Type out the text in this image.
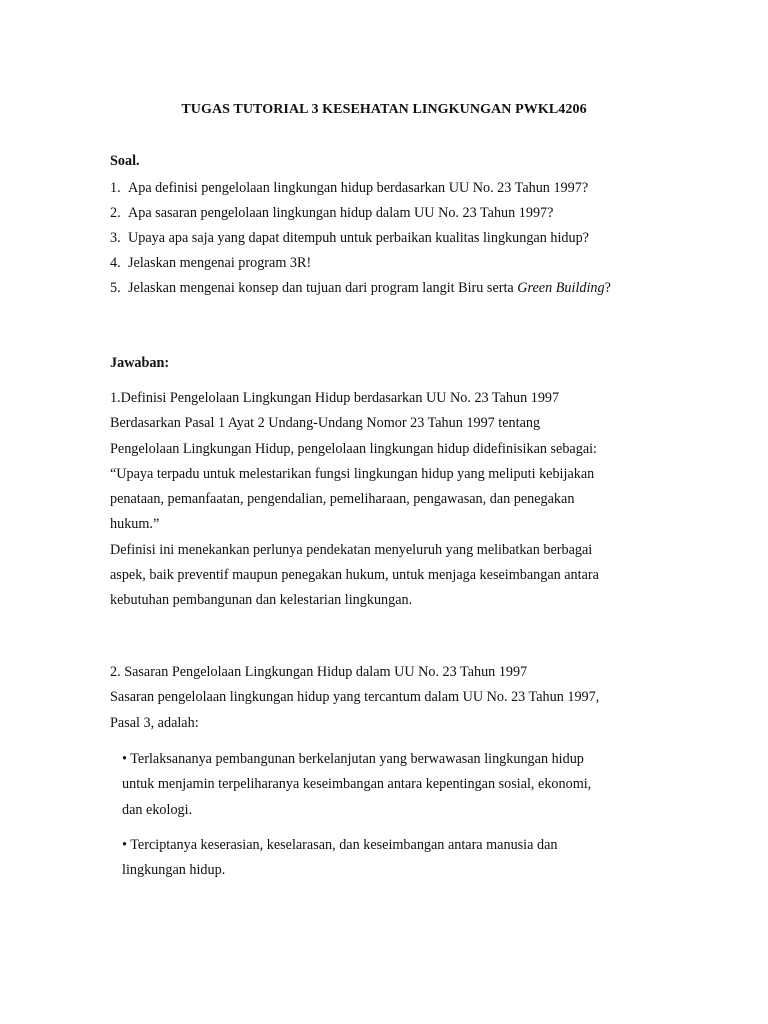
TUGAS TUTORIAL 3 KESEHATAN LINGKUNGAN PWKL4206
Soal.
1. Apa definisi pengelolaan lingkungan hidup berdasarkan UU No. 23 Tahun 1997?
2. Apa sasaran pengelolaan lingkungan hidup dalam UU No. 23 Tahun 1997?
3. Upaya apa saja yang dapat ditempuh untuk perbaikan kualitas lingkungan hidup?
4. Jelaskan mengenai program 3R!
5. Jelaskan mengenai konsep dan tujuan dari program langit Biru serta Green Building?
Jawaban:
1.Definisi Pengelolaan Lingkungan Hidup berdasarkan UU No. 23 Tahun 1997
Berdasarkan Pasal 1 Ayat 2 Undang-Undang Nomor 23 Tahun 1997 tentang
Pengelolaan Lingkungan Hidup, pengelolaan lingkungan hidup didefinisikan sebagai:
“Upaya terpadu untuk melestarikan fungsi lingkungan hidup yang meliputi kebijakan
penataan, pemanfaatan, pengendalian, pemeliharaan, pengawasan, dan penegakan
hukum.”
Definisi ini menekankan perlunya pendekatan menyeluruh yang melibatkan berbagai
aspek, baik preventif maupun penegakan hukum, untuk menjaga keseimbangan antara
kebutuhan pembangunan dan kelestarian lingkungan.
2. Sasaran Pengelolaan Lingkungan Hidup dalam UU No. 23 Tahun 1997
Sasaran pengelolaan lingkungan hidup yang tercantum dalam UU No. 23 Tahun 1997,
Pasal 3, adalah:
• Terlaksananya pembangunan berkelanjutan yang berwawasan lingkungan hidup
untuk menjamin terpeliharanya keseimbangan antara kepentingan sosial, ekonomi,
dan ekologi.
• Terciptanya keserasian, keselarasan, dan keseimbangan antara manusia dan
lingkungan hidup.
